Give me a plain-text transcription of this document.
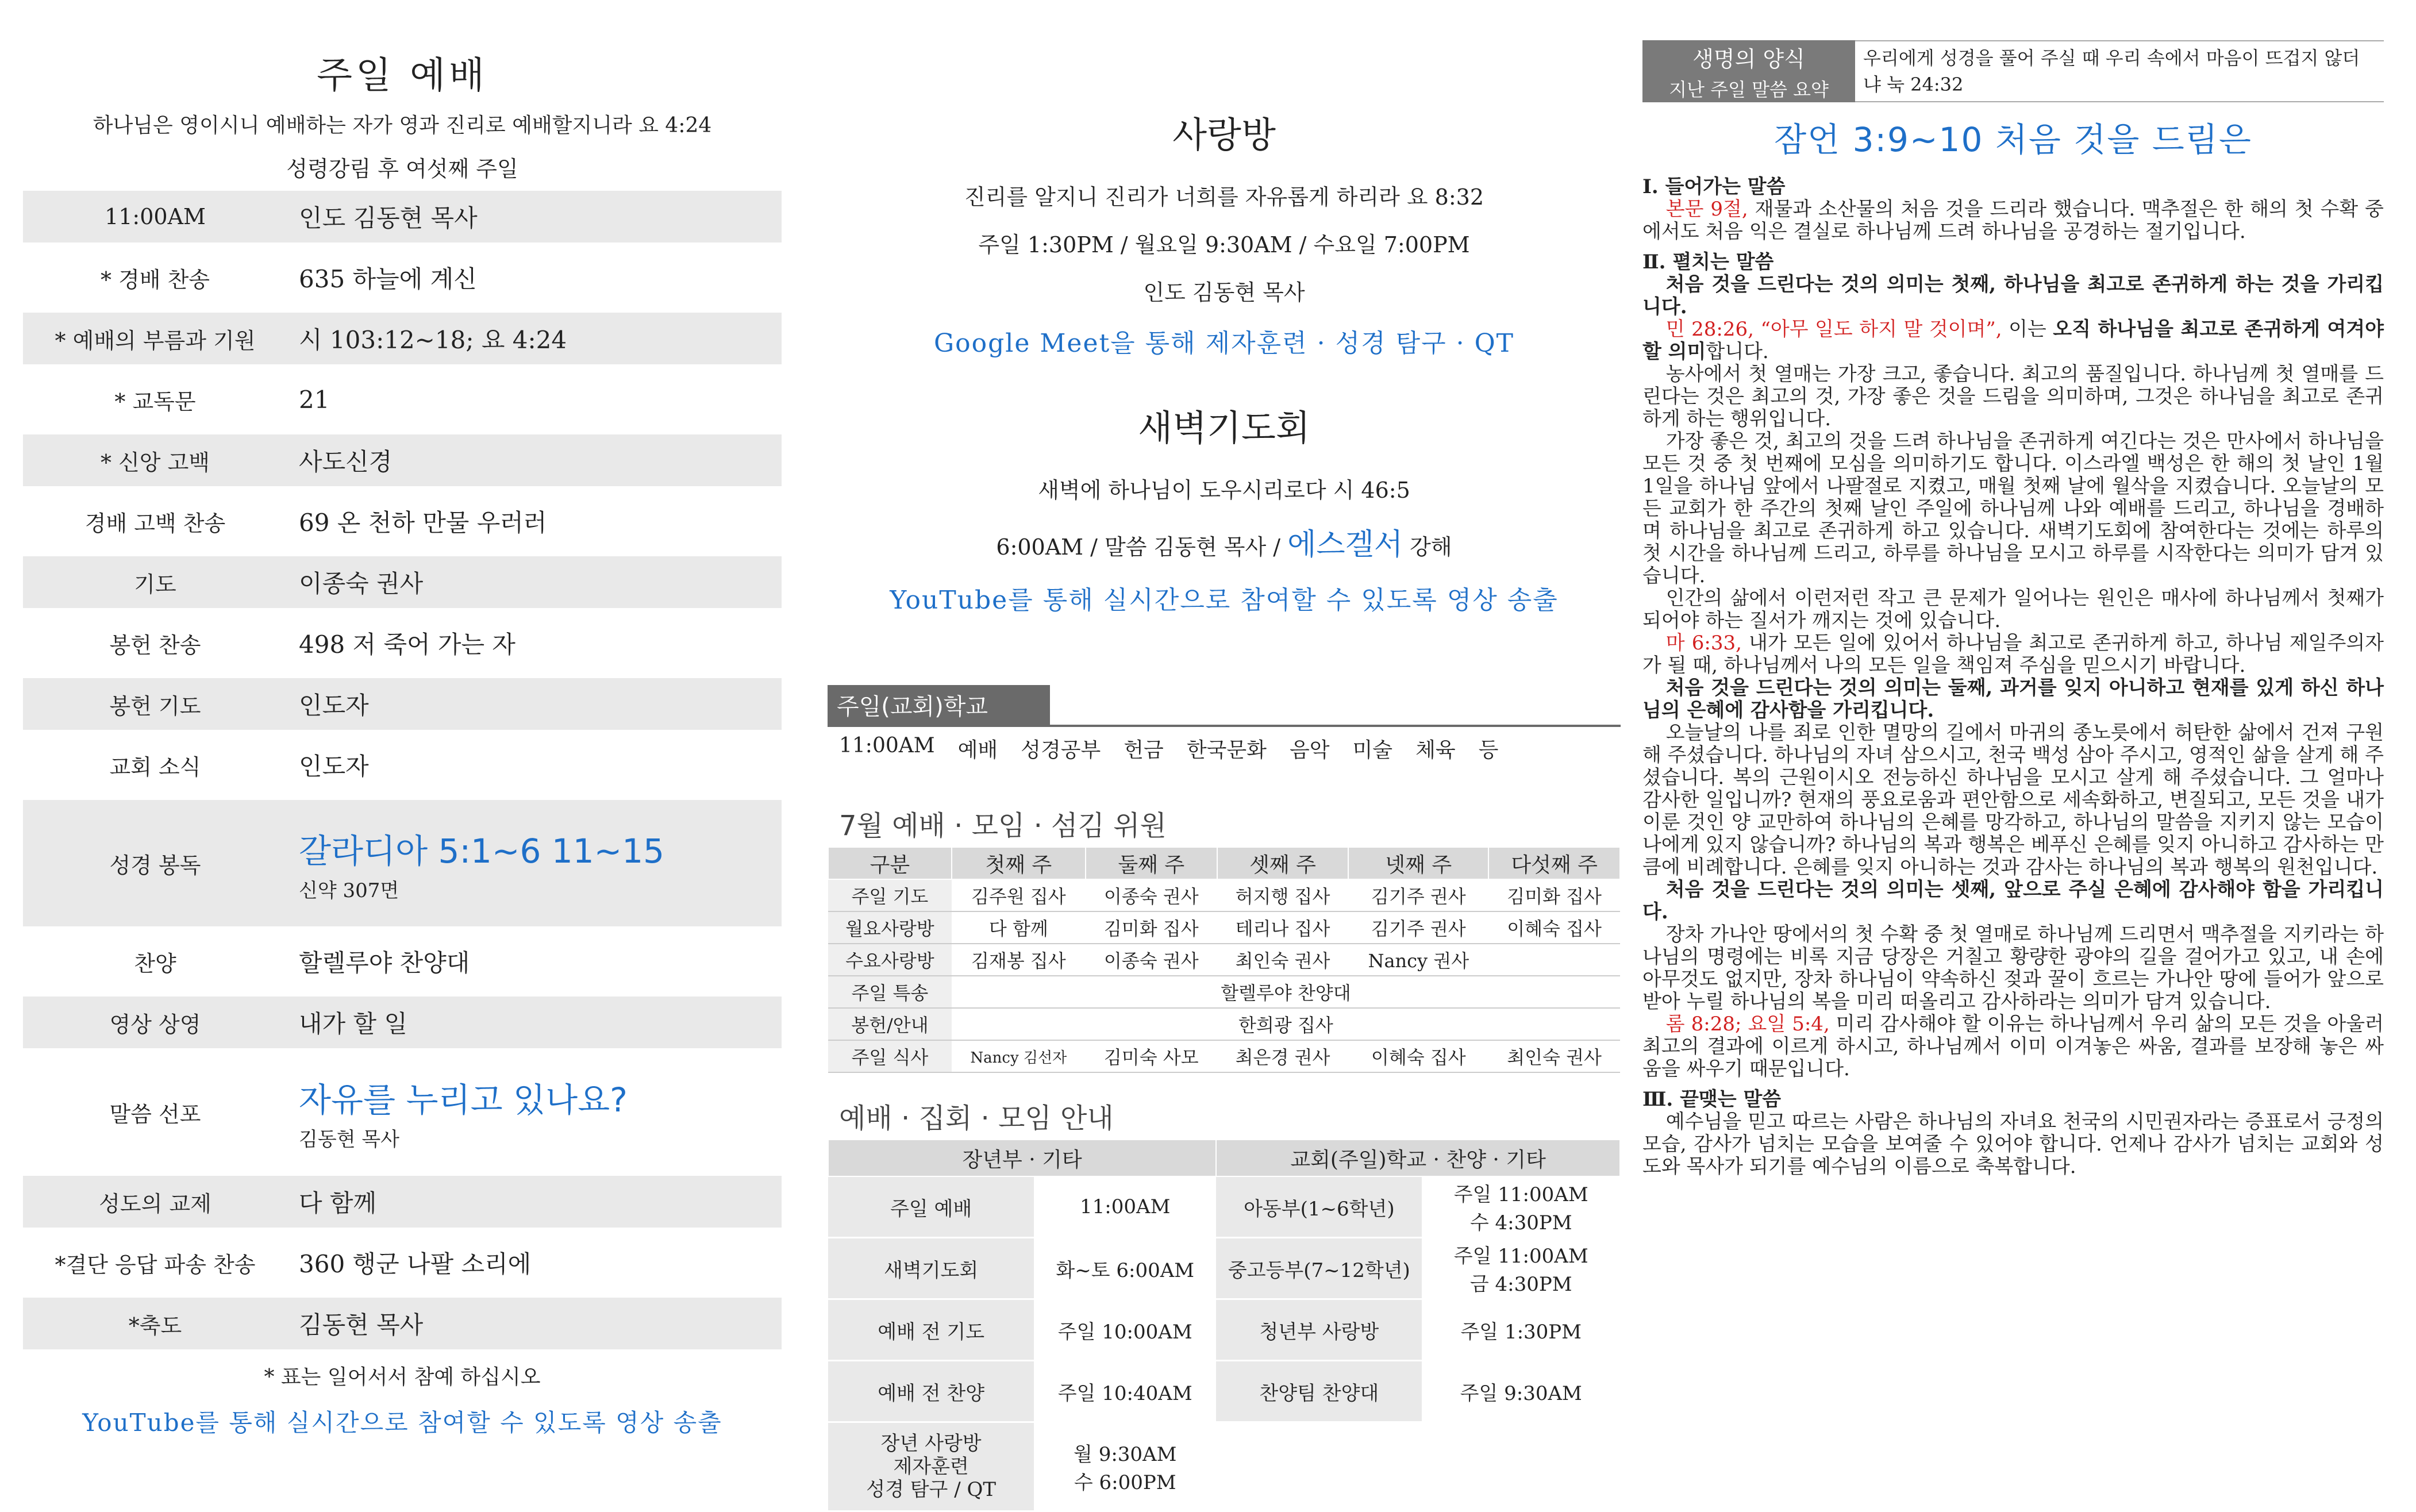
주일 예배
하나님은 영이시니 예배하는 자가 영과 진리로 예배할지니라 요 4:24
성령강림 후 여섯째 주일
11:00AM	인도 김동현 목사
* 경배 찬송	635 하늘에 계신
* 예배의 부름과 기원	시 103:12~18; 요 4:24
* 교독문	21
* 신앙 고백	사도신경
경배 고백 찬송	69 온 천하 만물 우러러
기도	이종숙 권사
봉헌 찬송	498 저 죽어 가는 자
봉헌 기도	인도자
교회 소식	인도자
성경 봉독	갈라디아 5:1~6 11~15
신약 307면
찬양	할렐루야 찬양대
영상 상영	내가 할 일
말씀 선포	자유를 누리고 있나요?
김동현 목사
성도의 교제	다 함께
*결단 응답 파송 찬송	360 행군 나팔 소리에
*축도	김동현 목사
* 표는 일어서서 참예 하십시오
YouTube를 통해 실시간으로 참여할 수 있도록 영상 송출
사랑방
진리를 알지니 진리가 너희를 자유롭게 하리라 요 8:32
주일 1:30PM / 월요일 9:30AM / 수요일 7:00PM
인도 김동현 목사
Google Meet을 통해 제자훈련 · 성경 탐구 · QT
새벽기도회
새벽에 하나님이 도우시리로다 시 46:5
6:00AM / 말씀 김동현 목사 / 에스겔서 강해
YouTube를 통해 실시간으로 참여할 수 있도록 영상 송출
주일(교회)학교
11:00AM 예배 성경공부 헌금 한국문화 음악 미술 체육 등
7월 예배 · 모임 · 섬김 위원
구분	첫째 주	둘째 주	셋째 주	넷째 주	다섯째 주
주일 기도	김주원 집사	이종숙 권사	허지행 집사	김기주 권사	김미화 집사
월요사랑방	다 함께	김미화 집사	테리나 집사	김기주 권사	이혜숙 집사
수요사랑방	김재봉 집사	이종숙 권사	최인숙 권사	Nancy 권사	
주일 특송	할렐루야 찬양대				
봉헌/안내	한희광 집사				
주일 식사	Nancy 김선자	김미숙 사모	최은경 권사	이혜숙 집사	최인숙 권사
예배 · 집회 · 모임 안내
장년부 · 기타		교회(주일)학교 · 찬양 · 기타	
주일 예배	11:00AM	아동부(1~6학년)	주일 11:00AM
수 4:30PM
새벽기도회	화~토 6:00AM	중고등부(7~12학년)	주일 11:00AM
금 4:30PM
예배 전 기도	주일 10:00AM	청년부 사랑방	주일 1:30PM
예배 전 찬양	주일 10:40AM	찬양팀 찬양대	주일 9:30AM
장년 사랑방
제자훈련
성경 탐구 / QT	월 9:30AM
수 6:00PM		
생명의 양식
지난 주일 말씀 요약
우리에게 성경을 풀어 주실 때 우리 속에서 마음이 뜨겁지 않더냐 눅 24:32
잠언 3:9~10 처음 것을 드림은
Ⅰ. 들어가는 말씀

본문 9절, 재물과 소산물의 처음 것을 드리라 했습니다. 맥추절은 한 해의 첫 수확 중에서도 처음 익은 결실로 하나님께 드려 하나님을 공경하는 절기입니다.

Ⅱ. 펼치는 말씀

처음 것을 드린다는 것의 의미는 첫째, 하나님을 최고로 존귀하게 하는 것을 가리킵니다.

민 28:26, “아무 일도 하지 말 것이며”, 이는 오직 하나님을 최고로 존귀하게 여겨야 할 의미합니다.

농사에서 첫 열매는 가장 크고, 좋습니다. 최고의 품질입니다. 하나님께 첫 열매를 드린다는 것은 최고의 것, 가장 좋은 것을 드림을 의미하며, 그것은 하나님을 최고로 존귀하게 하는 행위입니다.

가장 좋은 것, 최고의 것을 드려 하나님을 존귀하게 여긴다는 것은 만사에서 하나님을 모든 것 중 첫 번째에 모심을 의미하기도 합니다. 이스라엘 백성은 한 해의 첫 날인 1월 1일을 하나님 앞에서 나팔절로 지켰고, 매월 첫째 날에 월삭을 지켰습니다. 오늘날의 모든 교회가 한 주간의 첫째 날인 주일에 하나님께 나와 예배를 드리고, 하나님을 경배하며 하나님을 최고로 존귀하게 하고 있습니다. 새벽기도회에 참여한다는 것에는 하루의 첫 시간을 하나님께 드리고, 하루를 하나님을 모시고 하루를 시작한다는 의미가 담겨 있습니다.

인간의 삶에서 이런저런 작고 큰 문제가 일어나는 원인은 매사에 하나님께서 첫째가 되어야 하는 질서가 깨지는 것에 있습니다.

마 6:33, 내가 모든 일에 있어서 하나님을 최고로 존귀하게 하고, 하나님 제일주의자가 될 때, 하나님께서 나의 모든 일을 책임져 주심을 믿으시기 바랍니다.

처음 것을 드린다는 것의 의미는 둘째, 과거를 잊지 아니하고 현재를 있게 하신 하나님의 은혜에 감사함을 가리킵니다.

오늘날의 나를 죄로 인한 멸망의 길에서 마귀의 종노릇에서 허탄한 삶에서 건져 구원해 주셨습니다. 하나님의 자녀 삼으시고, 천국 백성 삼아 주시고, 영적인 삶을 살게 해 주셨습니다. 복의 근원이시오 전능하신 하나님을 모시고 살게 해 주셨습니다. 그 얼마나 감사한 일입니까? 현재의 풍요로움과 편안함으로 세속화하고, 변질되고, 모든 것을 내가 이룬 것인 양 교만하여 하나님의 은혜를 망각하고, 하나님의 말씀을 지키지 않는 모습이 나에게 있지 않습니까? 하나님의 복과 행복은 베푸신 은혜를 잊지 아니하고 감사하는 만큼에 비례합니다. 은혜를 잊지 아니하는 것과 감사는 하나님의 복과 행복의 원천입니다.

처음 것을 드린다는 것의 의미는 셋째, 앞으로 주실 은혜에 감사해야 함을 가리킵니다.

장차 가나안 땅에서의 첫 수확 중 첫 열매로 하나님께 드리면서 맥추절을 지키라는 하나님의 명령에는 비록 지금 당장은 거칠고 황량한 광야의 길을 걸어가고 있고, 내 손에 아무것도 없지만, 장차 하나님이 약속하신 젖과 꿀이 흐르는 가나안 땅에 들어가 앞으로 받아 누릴 하나님의 복을 미리 떠올리고 감사하라는 의미가 담겨 있습니다.

롬 8:28; 요일 5:4, 미리 감사해야 할 이유는 하나님께서 우리 삶의 모든 것을 아울러 최고의 결과에 이르게 하시고, 하나님께서 이미 이겨놓은 싸움, 결과를 보장해 놓은 싸움을 싸우기 때문입니다.

Ⅲ. 끝맺는 말씀

예수님을 믿고 따르는 사람은 하나님의 자녀요 천국의 시민권자라는 증표로서 긍정의 모습, 감사가 넘치는 모습을 보여줄 수 있어야 합니다. 언제나 감사가 넘치는 교회와 성도와 목사가 되기를 예수님의 이름으로 축복합니다.
